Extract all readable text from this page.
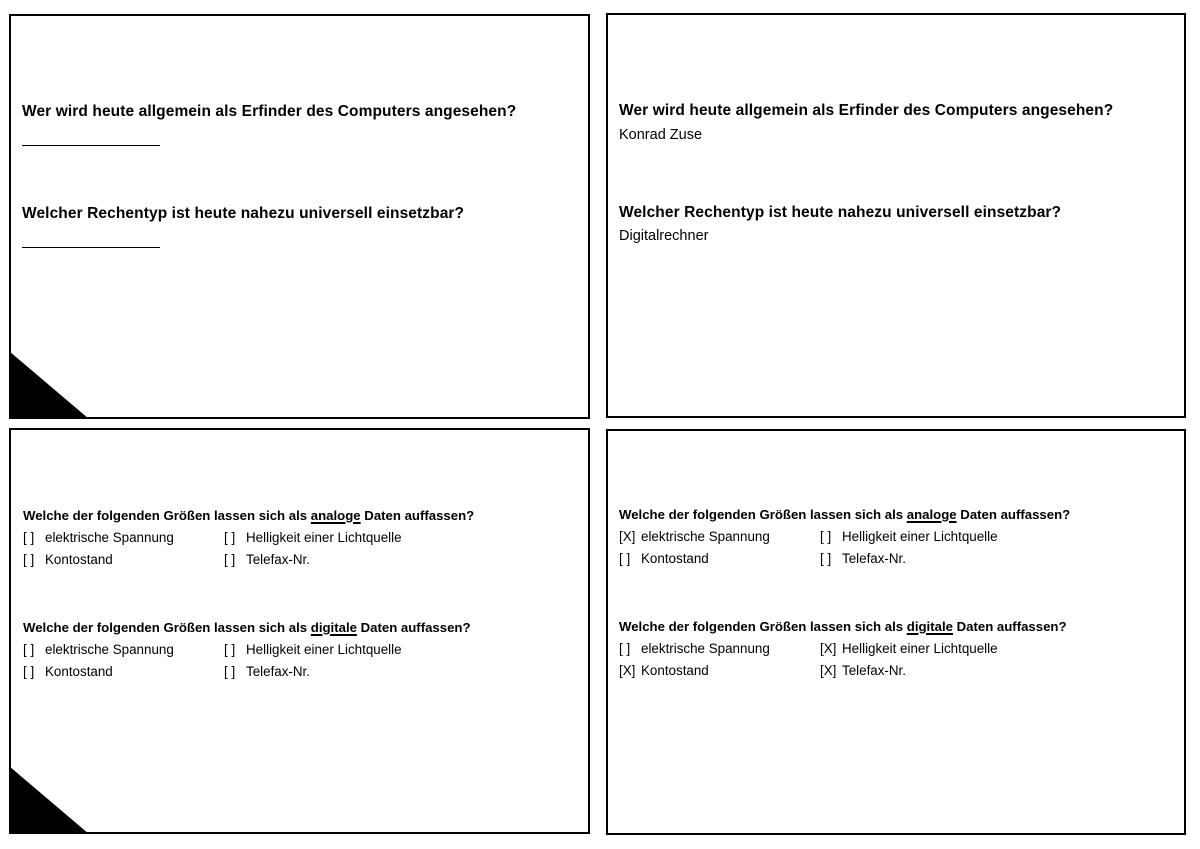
Wer wird heute allgemein als Erfinder des Computers angesehen?
Welcher Rechentyp ist heute nahezu universell einsetzbar?
Wer wird heute allgemein als Erfinder des Computers angesehen?
Konrad Zuse
Welcher Rechentyp ist heute nahezu universell einsetzbar?
Digitalrechner
Welche der folgenden Größen lassen sich als analoge Daten auffassen?
[ ] elektrische Spannung	[ ] Helligkeit einer Lichtquelle
[ ] Kontostand	[ ] Telefax-Nr.
Welche der folgenden Größen lassen sich als digitale Daten auffassen?
[ ] elektrische Spannung	[ ] Helligkeit einer Lichtquelle
[ ] Kontostand	[ ] Telefax-Nr.
Welche der folgenden Größen lassen sich als analoge Daten auffassen?
[X] elektrische Spannung	[ ] Helligkeit einer Lichtquelle
[ ] Kontostand	[ ] Telefax-Nr.
Welche der folgenden Größen lassen sich als digitale Daten auffassen?
[ ] elektrische Spannung	[X] Helligkeit einer Lichtquelle
[X] Kontostand	[X] Telefax-Nr.
